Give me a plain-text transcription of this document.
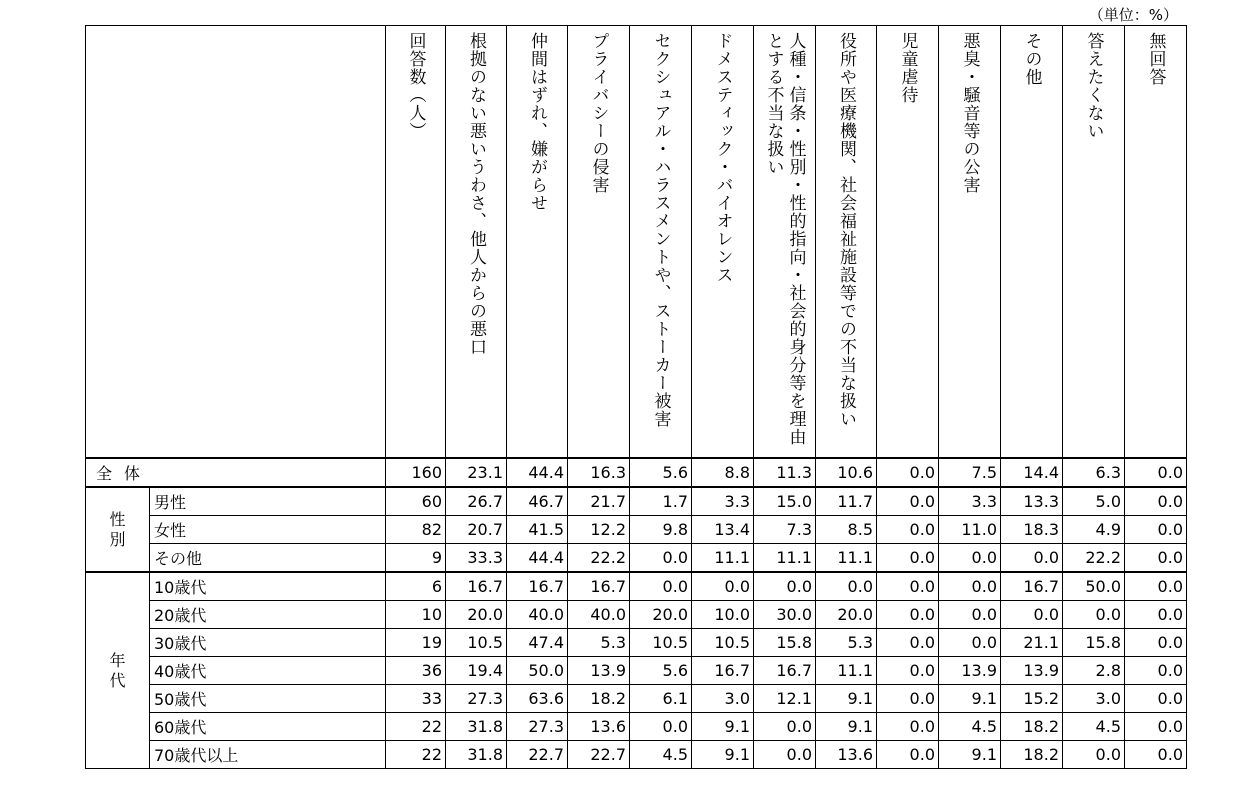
（単位：%）

		回答数（人）	根拠のない悪いうわさ、他人からの悪口	仲間はずれ、嫌がらせ	プライバシーの侵害	セクシュアル・ハラスメントや、ストーカー被害	ドメスティック・バイオレンス	人種・信条・性別・性的指向・社会的身分等を理由とする不当な扱い	役所や医療機関、社会福祉施設等での不当な扱い	児童虐待	悪臭・騒音等の公害	その他	答えたくない	無回答

全体		160	23.1	44.4	16.3	5.6	8.8	11.3	10.6	0.0	7.5	14.4	6.3	0.0
性別	男性	60	26.7	46.7	21.7	1.7	3.3	15.0	11.7	0.0	3.3	13.3	5.0	0.0
	女性	82	20.7	41.5	12.2	9.8	13.4	7.3	8.5	0.0	11.0	18.3	4.9	0.0
	その他	9	33.3	44.4	22.2	0.0	11.1	11.1	11.1	0.0	0.0	0.0	22.2	0.0
年代	10歳代	6	16.7	16.7	16.7	0.0	0.0	0.0	0.0	0.0	0.0	16.7	50.0	0.0
	20歳代	10	20.0	40.0	40.0	20.0	10.0	30.0	20.0	0.0	0.0	0.0	0.0	0.0
	30歳代	19	10.5	47.4	5.3	10.5	10.5	15.8	5.3	0.0	0.0	21.1	15.8	0.0
	40歳代	36	19.4	50.0	13.9	5.6	16.7	16.7	11.1	0.0	13.9	13.9	2.8	0.0
	50歳代	33	27.3	63.6	18.2	6.1	3.0	12.1	9.1	0.0	9.1	15.2	3.0	0.0
	60歳代	22	31.8	27.3	13.6	0.0	9.1	0.0	9.1	0.0	4.5	18.2	4.5	0.0
	70歳代以上	22	31.8	22.7	22.7	4.5	9.1	0.0	13.6	0.0	9.1	18.2	0.0	0.0
